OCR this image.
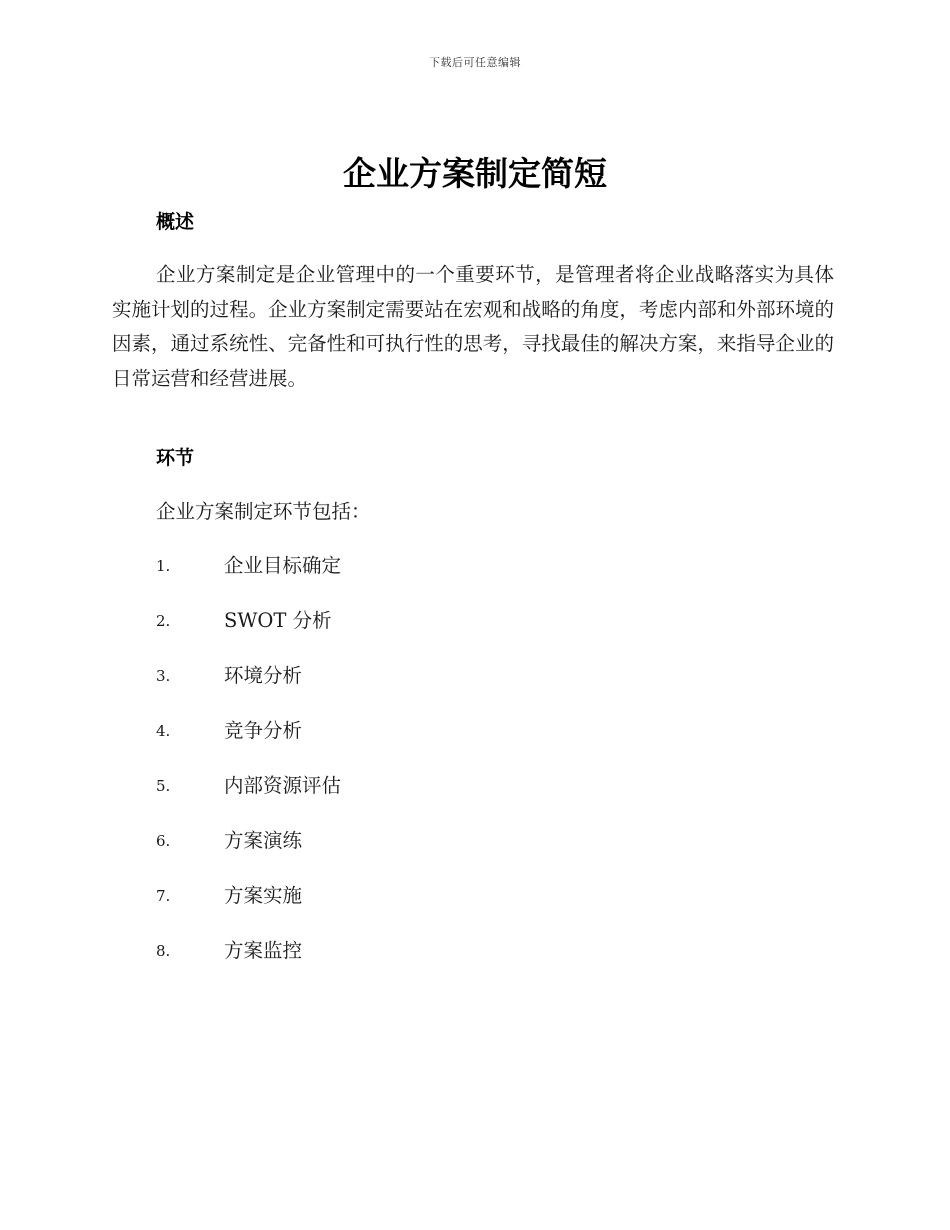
下载后可任意编辑
企业方案制定简短
概述

企业方案制定是企业管理中的一个重要环节，是管理者将企业战略落实为具体实施计划的过程。企业方案制定需要站在宏观和战略的角度，考虑内部和外部环境的因素，通过系统性、完备性和可执行性的思考，寻找最佳的解决方案，来指导企业的日常运营和经营进展。

环节

企业方案制定环节包括：

1.	企业目标确定
2.	SWOT 分析
3.	环境分析
4.	竞争分析
5.	内部资源评估
6.	方案演练
7.	方案实施
8.	方案监控
